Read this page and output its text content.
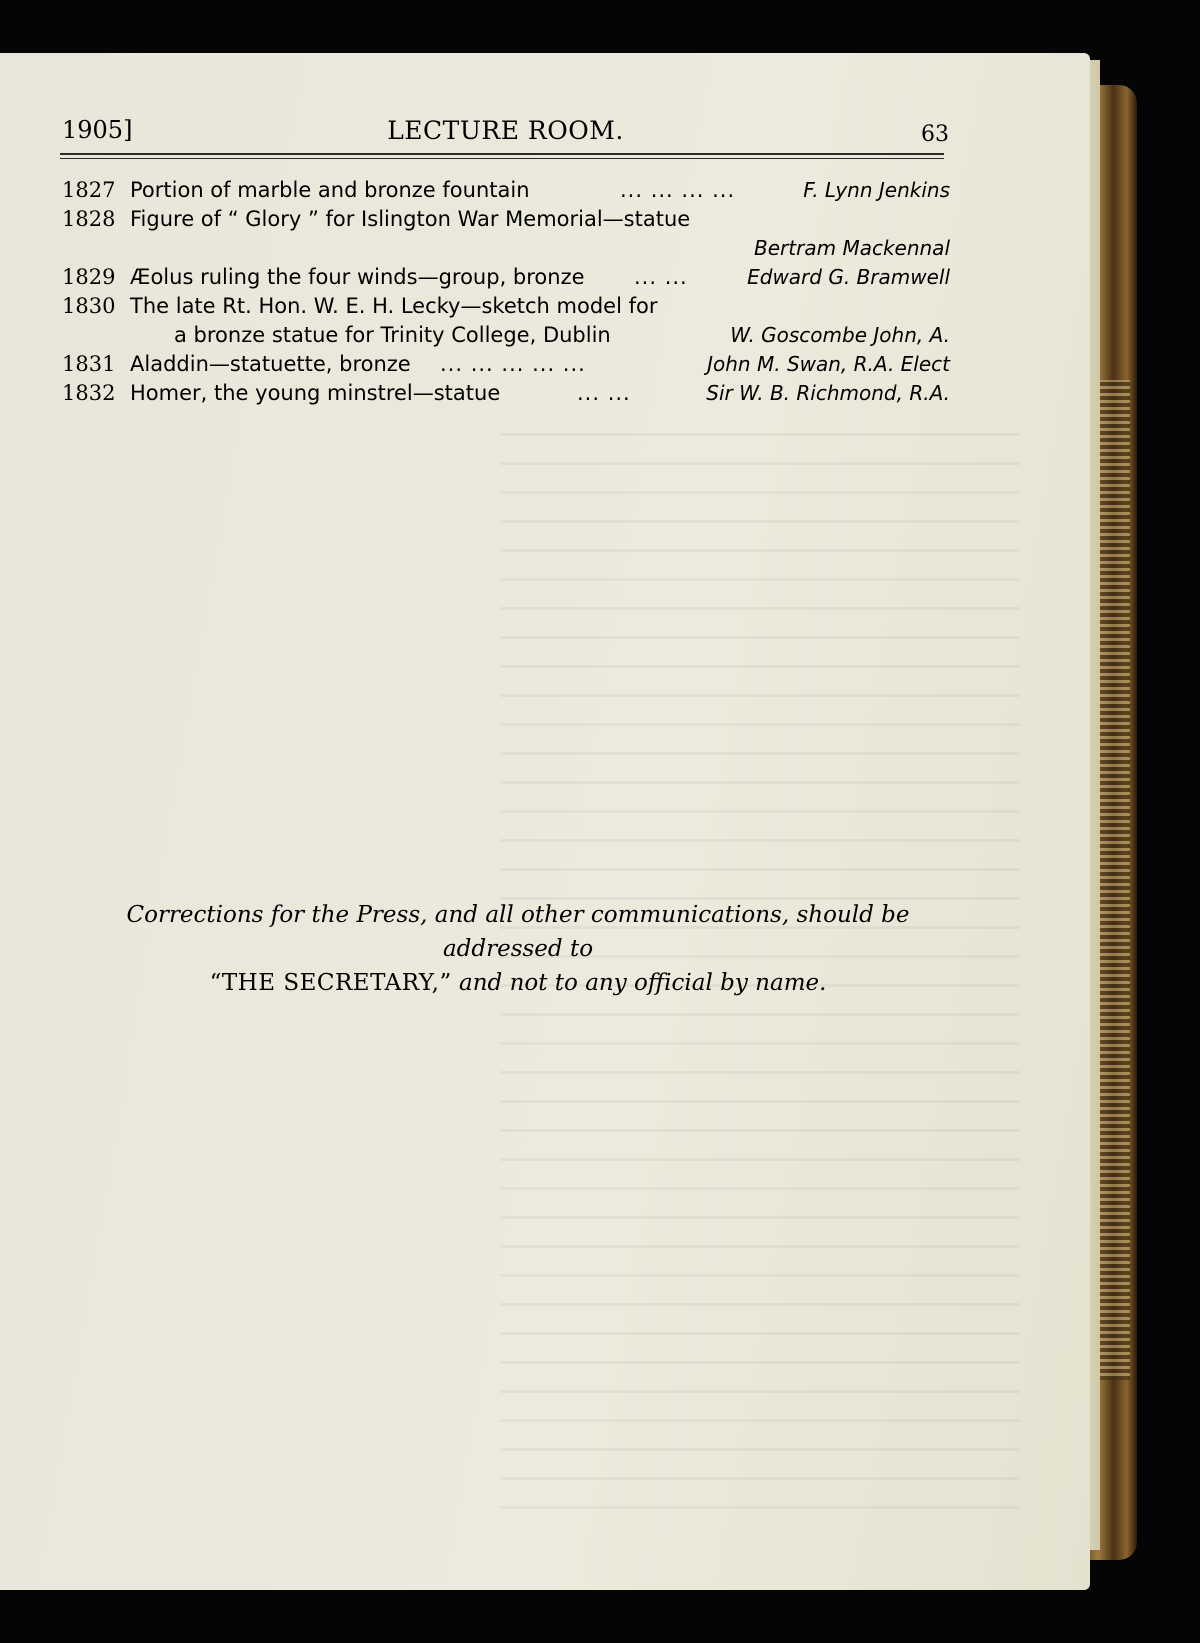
1905]	LECTURE ROOM.	63
1827 Portion of marble and bronze fountain	... ... ... ...	F. Lynn Jenkins
1828 Figure of “ Glory ” for Islington War Memorial—statue
Bertram Mackennal
1829 Æolus ruling the four winds—group, bronze ... ...	Edward G. Bramwell
1830 The late Rt. Hon. W. E. H. Lecky—sketch model for
a bronze statue for Trinity College, Dublin	W. Goscombe John, A.
1831 Aladdin—statuette, bronze ... ... ... ... ...	John M. Swan, R.A. Elect
1832 Homer, the young minstrel—statue	... ...	Sir W. B. Richmond, R.A.
Corrections for the Press, and all other communications, should be addressed to
“THE SECRETARY,” and not to any official by name.
